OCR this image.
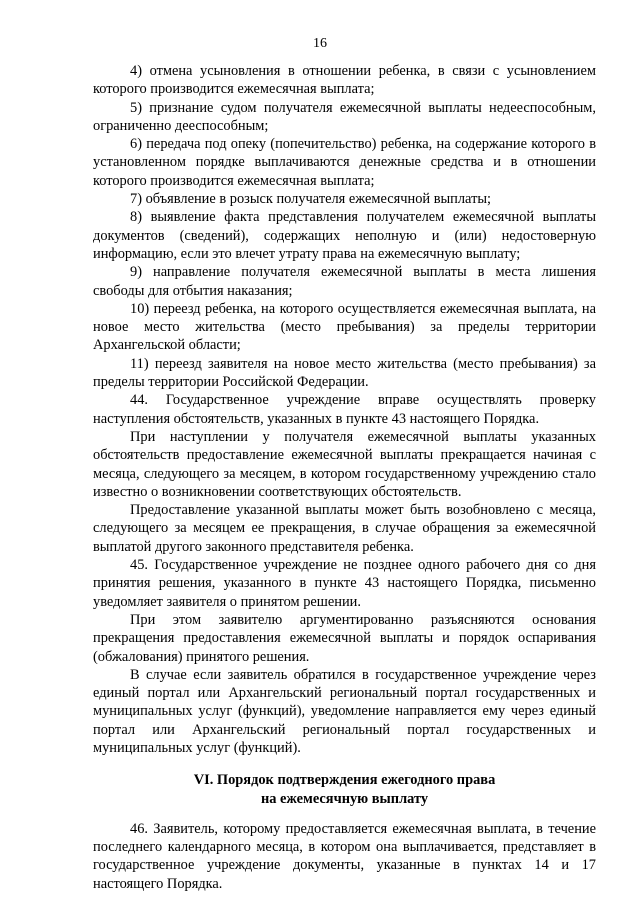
16

4) отмена усыновления в отношении ребенка, в связи с усыновлением которого производится ежемесячная выплата;

5) признание судом получателя ежемесячной выплаты недееспособным, ограниченно дееспособным;

6) передача под опеку (попечительство) ребенка, на содержание которого в установленном порядке выплачиваются денежные средства и в отношении которого производится ежемесячная выплата;

7) объявление в розыск получателя ежемесячной выплаты;

8) выявление факта представления получателем ежемесячной выплаты документов (сведений), содержащих неполную и (или) недостоверную информацию, если это влечет утрату права на ежемесячную выплату;

9) направление получателя ежемесячной выплаты в места лишения свободы для отбытия наказания;

10) переезд ребенка, на которого осуществляется ежемесячная выплата, на новое место жительства (место пребывания) за пределы территории Архангельской области;

11) переезд заявителя на новое место жительства (место пребывания) за пределы территории Российской Федерации.

44. Государственное учреждение вправе осуществлять проверку наступления обстоятельств, указанных в пункте 43 настоящего Порядка.

При наступлении у получателя ежемесячной выплаты указанных обстоятельств предоставление ежемесячной выплаты прекращается начиная с месяца, следующего за месяцем, в котором государственному учреждению стало известно о возникновении соответствующих обстоятельств.

Предоставление указанной выплаты может быть возобновлено с месяца, следующего за месяцем ее прекращения, в случае обращения за ежемесячной выплатой другого законного представителя ребенка.

45. Государственное учреждение не позднее одного рабочего дня со дня принятия решения, указанного в пункте 43 настоящего Порядка, письменно уведомляет заявителя о принятом решении.

При этом заявителю аргументированно разъясняются основания прекращения предоставления ежемесячной выплаты и порядок оспаривания (обжалования) принятого решения.

В случае если заявитель обратился в государственное учреждение через единый портал или Архангельский региональный портал государственных и муниципальных услуг (функций), уведомление направляется ему через единый портал или Архангельский региональный портал государственных и муниципальных услуг (функций).

VI. Порядок подтверждения ежегодного права
на ежемесячную выплату

46. Заявитель, которому предоставляется ежемесячная выплата, в течение последнего календарного месяца, в котором она выплачивается, представляет в государственное учреждение документы, указанные в пунктах 14 и 17 настоящего Порядка.
